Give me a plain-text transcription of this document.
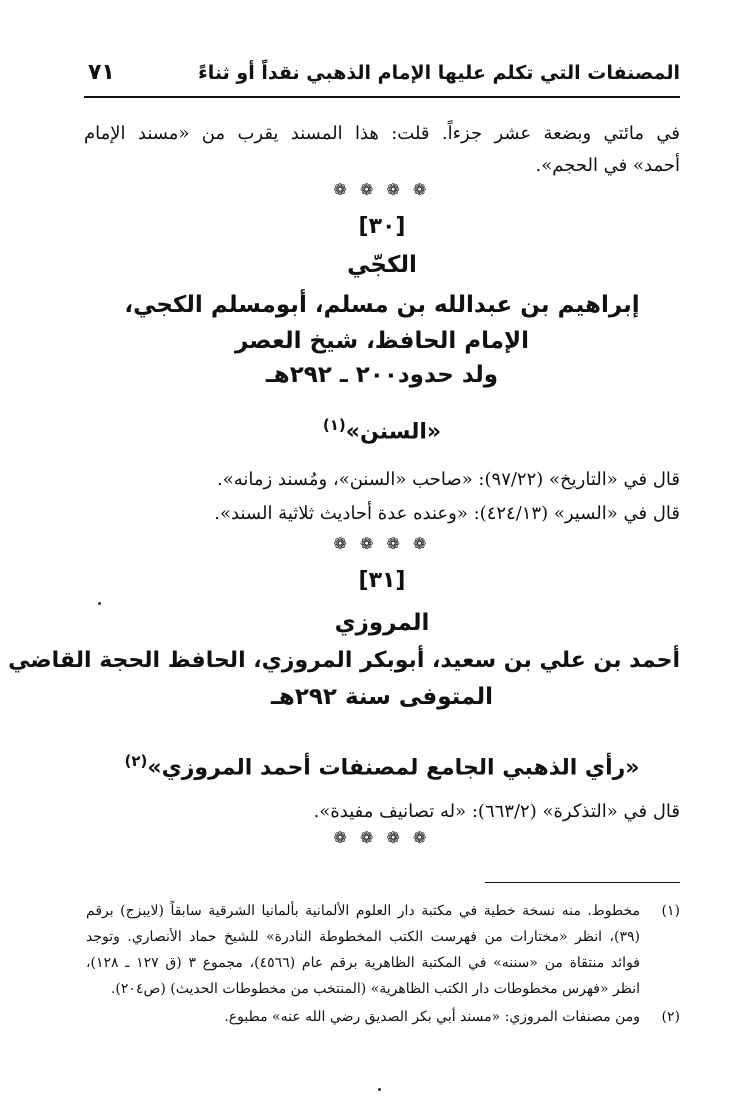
المصنفات التي تكلم عليها الإمام الذهبي نقداً أو ثناءً
٧١
في مائتي وبضعة عشر جزءاً. قلت: هذا المسند يقرب من «مسند الإمام
أحمد» في الحجم».
❁ ❁ ❁ ❁
[٣٠]
الكجّي
إبراهيم بن عبدالله بن مسلم، أبومسلم الكجي،
الإمام الحافظ، شيخ العصر
ولد حدود٢٠٠ ـ ٢٩٢هـ
«السنن»$^{(١)}$
قال في «التاريخ» (٩٧/٢٢): «صاحب «السنن»، ومُسند زمانه».
قال في «السير» (٤٢٤/١٣): «وعنده عدة أحاديث ثلاثية السند».
❁ ❁ ❁ ❁
[٣١]
المروزي
أحمد بن علي بن سعيد، أبوبكر المروزي، الحافظ الحجة القاضي
المتوفى سنة ٢٩٢هـ
«رأي الذهبي الجامع لمصنفات أحمد المروزي»$^{(٢)}$
قال في «التذكرة» (٦٦٣/٢): «له تصانيف مفيدة».
❁ ❁ ❁ ❁
(١)
مخطوط. منه نسخة خطية في مكتبة دار العلوم الألمانية بألمانيا الشرقية سابقاً (لايبزج) برقم
(٣٩)، انظر «مختارات من فهرست الكتب المخطوطة النادرة» للشيخ حماد الأنصاري. وتوجد
فوائد منتقاة من «سننه» في المكتبة الظاهرية برقم عام (٤٥٦٦)، مجموع ٣ (ق ١٢٧ ـ ١٢٨)،
انظر «فهرس مخطوطات دار الكتب الظاهرية» (المنتخب من مخطوطات الحديث) (ص٢٠٤).
(٢)
ومن مصنفات المروزي: «مسند أبي بكر الصديق رضي الله عنه» مطبوع.
